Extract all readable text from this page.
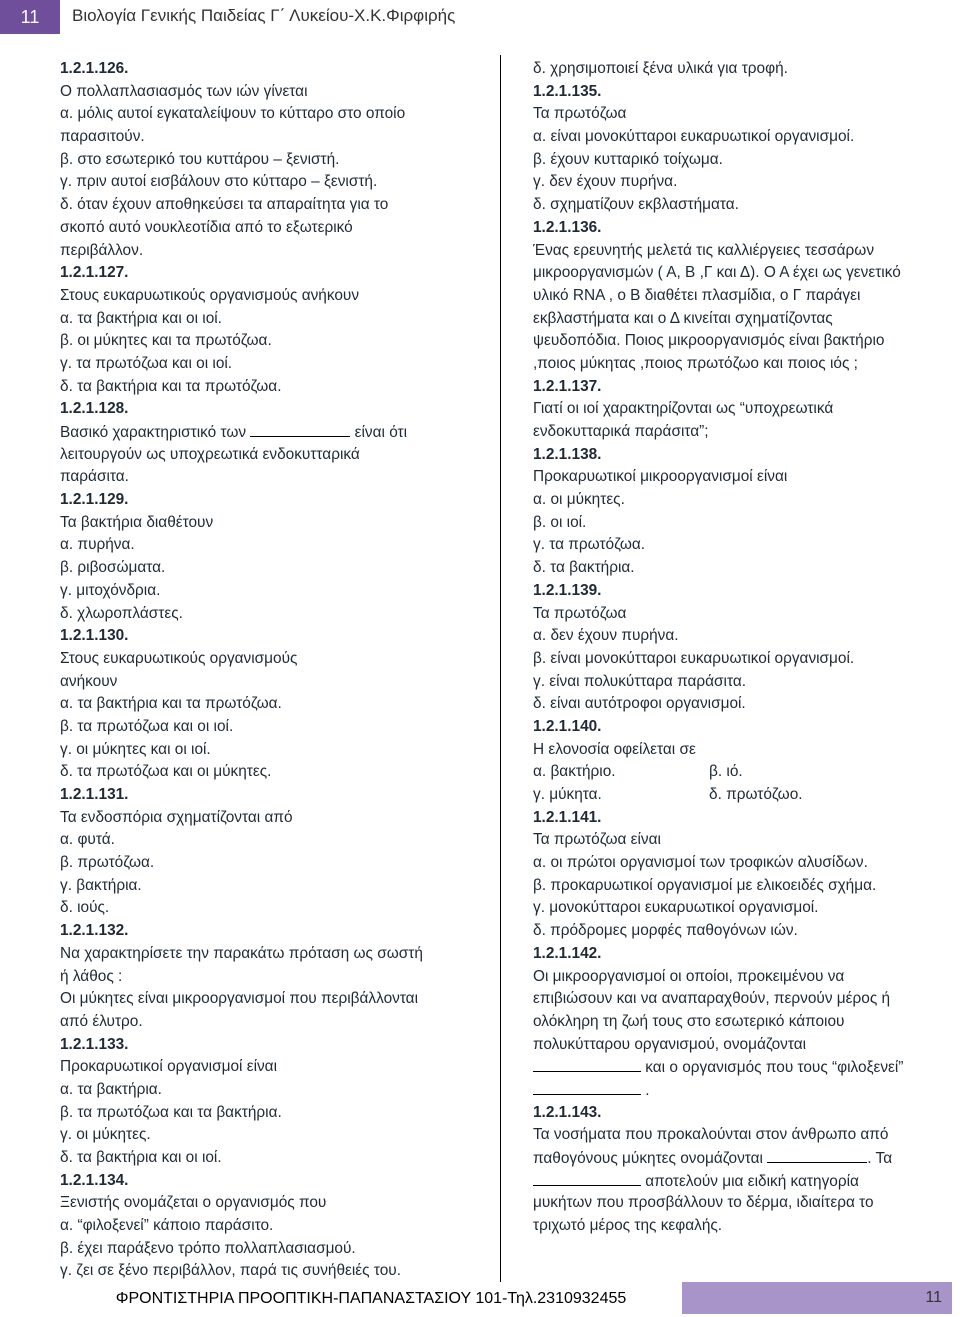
11	Βιολογία Γενικής Παιδείας Γ΄ Λυκείου-Χ.Κ.Φιρφιρής
1.2.1.126.
Ο πολλαπλασιασμός των ιών γίνεται
α. μόλις αυτοί εγκαταλείψουν το κύτταρο στο οποίο
παρασιτούν.
β. στο εσωτερικό του κυττάρου – ξενιστή.
γ. πριν αυτοί εισβάλουν στο κύτταρο – ξενιστή.
δ. όταν έχουν αποθηκεύσει τα απαραίτητα για το
σκοπό αυτό νουκλεοτίδια από το εξωτερικό
περιβάλλον.
1.2.1.127.
Στους ευκαρυωτικούς οργανισμούς ανήκουν
α. τα βακτήρια και οι ιοί.
β. οι μύκητες και τα πρωτόζωα.
γ. τα πρωτόζωα και οι ιοί.
δ. τα βακτήρια και τα πρωτόζωα.
1.2.1.128.
Βασικό χαρακτηριστικό των	είναι ότι
λειτουργούν ως υποχρεωτικά ενδοκυτταρικά
παράσιτα.
1.2.1.129.
Τα βακτήρια διαθέτουν
α. πυρήνα.
β. ριβοσώματα.
γ. μιτοχόνδρια.
δ. χλωροπλάστες.
1.2.1.130.
Στους ευκαρυωτικούς οργανισμούς
ανήκουν
α. τα βακτήρια και τα πρωτόζωα.
β. τα πρωτόζωα και οι ιοί.
γ. οι μύκητες και οι ιοί.
δ. τα πρωτόζωα και οι μύκητες.
1.2.1.131.
Τα ενδοσπόρια σχηματίζονται από
α. φυτά.
β. πρωτόζωα.
γ. βακτήρια.
δ. ιούς.
1.2.1.132.
Να χαρακτηρίσετε την παρακάτω πρόταση ως σωστή
ή λάθος :
Οι μύκητες είναι μικροοργανισμοί που περιβάλλονται
από έλυτρο.
1.2.1.133.
Προκαρυωτικοί οργανισμοί είναι
α. τα βακτήρια.
β. τα πρωτόζωα και τα βακτήρια.
γ. οι μύκητες.
δ. τα βακτήρια και οι ιοί.
1.2.1.134.
Ξενιστής ονομάζεται ο οργανισμός που
α. “φιλοξενεί” κάποιο παράσιτο.
β. έχει παράξενο τρόπο πολλαπλασιασμού.
γ. ζει σε ξένο περιβάλλον, παρά τις συνήθειές του.
δ. χρησιμοποιεί ξένα υλικά για τροφή.
1.2.1.135.
Τα πρωτόζωα
α. είναι μονοκύτταροι ευκαρυωτικοί οργανισμοί.
β. έχουν κυτταρικό τοίχωμα.
γ. δεν έχουν πυρήνα.
δ. σχηματίζουν εκβλαστήματα.
1.2.1.136.
Ένας ερευνητής μελετά τις καλλιέργειες τεσσάρων
μικροοργανισμών ( Α, Β ,Γ και Δ). Ο Α έχει ως γενετικό
υλικό RNA , ο Β διαθέτει πλασμίδια, ο Γ παράγει
εκβλαστήματα και ο Δ κινείται σχηματίζοντας
ψευδοπόδια. Ποιος μικροοργανισμός είναι βακτήριο
,ποιος μύκητας ,ποιος πρωτόζωο και ποιος ιός ;
1.2.1.137.
Γιατί οι ιοί χαρακτηρίζονται ως “υποχρεωτικά
ενδοκυτταρικά παράσιτα”;
1.2.1.138.
Προκαρυωτικοί μικροοργανισμοί είναι
α. οι μύκητες.
β. οι ιοί.
γ. τα πρωτόζωα.
δ. τα βακτήρια.
1.2.1.139.
Τα πρωτόζωα
α. δεν έχουν πυρήνα.
β. είναι μονοκύτταροι ευκαρυωτικοί οργανισμοί.
γ. είναι πολυκύτταρα παράσιτα.
δ. είναι αυτότροφοι οργανισμοί.
1.2.1.140.
Η ελονοσία οφείλεται σε
α. βακτήριο.	β. ιό.
γ. μύκητα.	δ. πρωτόζωο.
1.2.1.141.
Τα πρωτόζωα είναι
α. οι πρώτοι οργανισμοί των τροφικών αλυσίδων.
β. προκαρυωτικοί οργανισμοί με ελικοειδές σχήμα.
γ. μονοκύτταροι ευκαρυωτικοί οργανισμοί.
δ. πρόδρομες μορφές παθογόνων ιών.
1.2.1.142.
Οι μικροοργανισμοί οι οποίοι, προκειμένου να
επιβιώσουν και να αναπαραχθούν, περνούν μέρος ή
ολόκληρη τη ζωή τους στο εσωτερικό κάποιου
πολυκύτταρου οργανισμού, ονομάζονται
και ο οργανισμός που τους “φιλοξενεί”
.
1.2.1.143.
Τα νοσήματα που προκαλούνται στον άνθρωπο από
παθογόνους μύκητες ονομάζονται	. Τα
αποτελούν μια ειδική κατηγορία
μυκήτων που προσβάλλουν το δέρμα, ιδιαίτερα το
τριχωτό μέρος της κεφαλής.
ΦΡΟΝΤΙΣΤΗΡΙΑ ΠΡΟΟΠΤΙΚΗ-ΠΑΠΑΝΑΣΤΑΣΙΟΥ 101-Τηλ.2310932455	11
